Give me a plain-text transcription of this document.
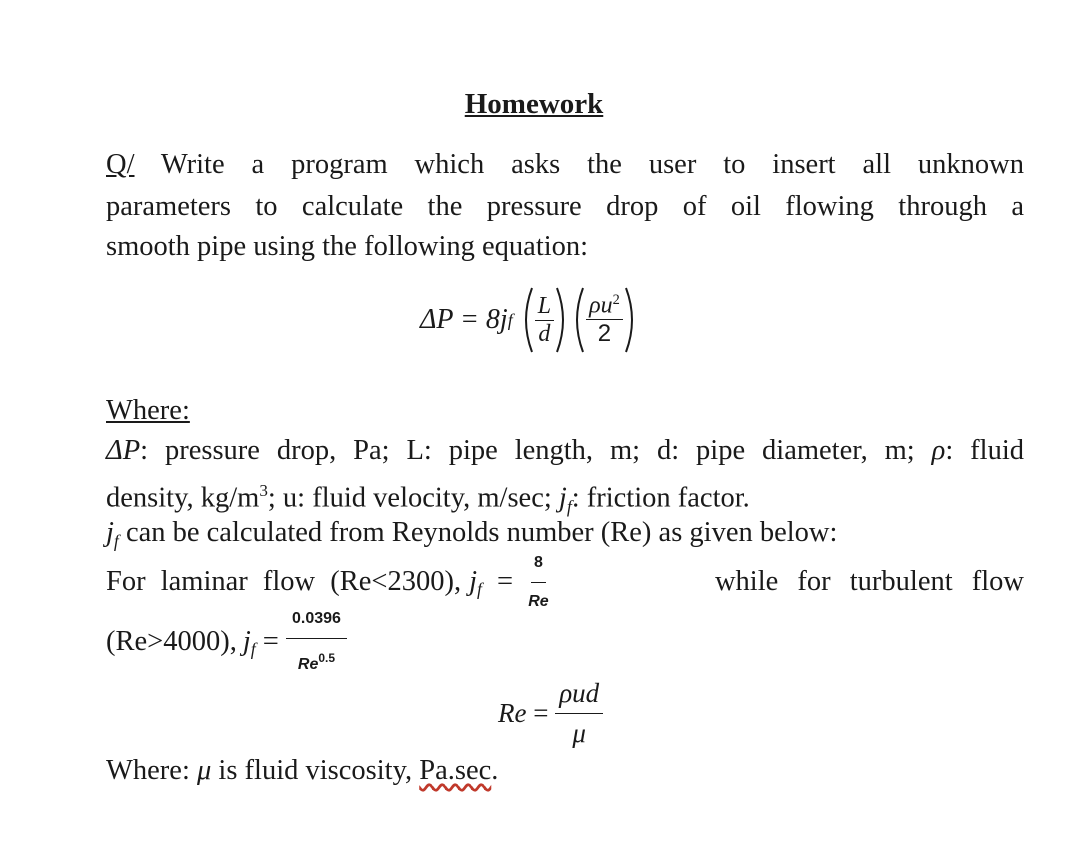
Homework
Q/ Write a program which asks the user to insert all unknown
parameters to calculate the pressure drop of oil flowing through a
smooth pipe using the following equation:
ΔP = 8j f $\frac{L}{d} \frac{\rho u^2}{2}$
Where:
ΔP: pressure drop, Pa; L: pipe length, m; d: pipe diameter, m; ρ: fluid
density, $kg/m^3$; u: fluid velocity, m/sec; $j_f$: friction factor.
$j_f$ can be calculated from Reynolds number (Re) as given below:
For laminar flow (Re<2300), j $f = \frac{8}{Re}$	while for turbulent flow
(Re>4000), j $f = \frac{0.0396}{Re^{0.5}}$
$Re = \frac{\text{ρud}}{\mu}$
Where: μ is fluid viscosity, Pa.sec.
